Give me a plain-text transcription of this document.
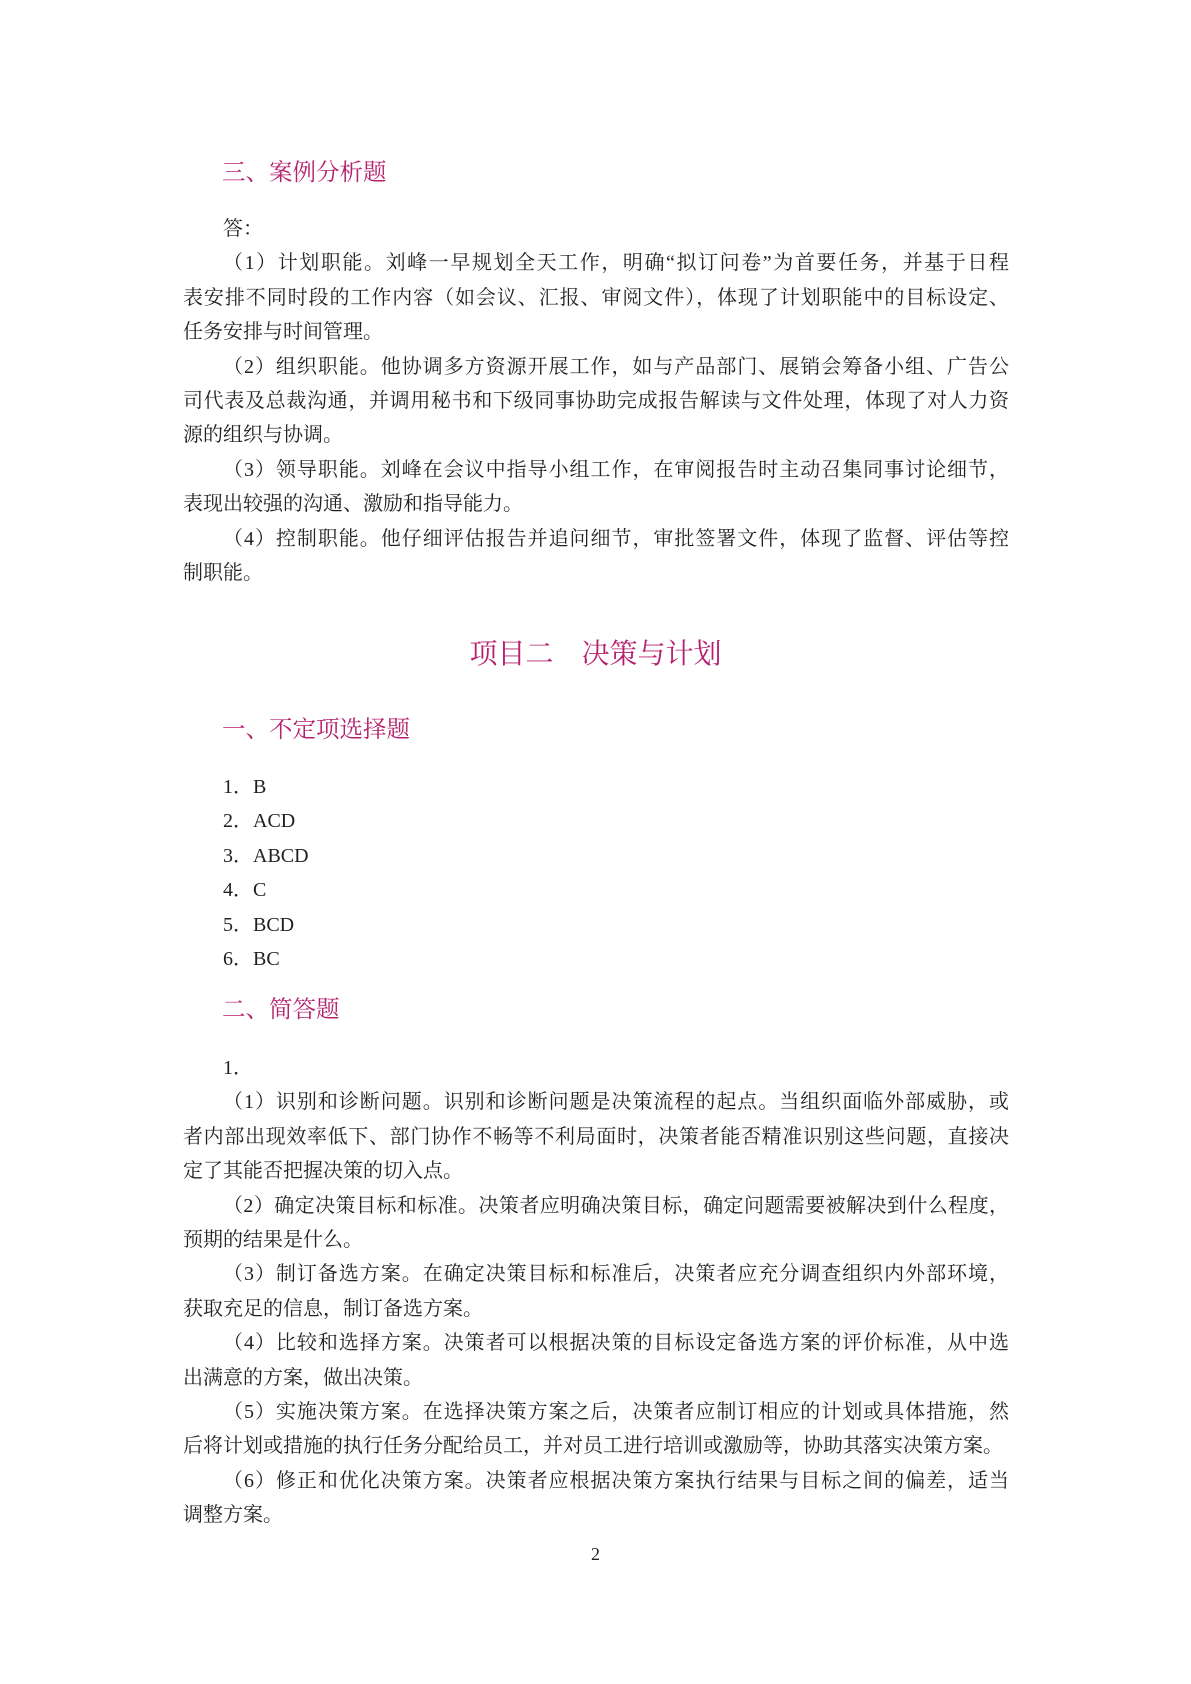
三、案例分析题
答：
（1）计划职能。刘峰一早规划全天工作，明确“拟订问卷”为首要任务，并基于日程
表安排不同时段的工作内容（如会议、汇报、审阅文件），体现了计划职能中的目标设定、
任务安排与时间管理。
（2）组织职能。他协调多方资源开展工作，如与产品部门、展销会筹备小组、广告公
司代表及总裁沟通，并调用秘书和下级同事协助完成报告解读与文件处理，体现了对人力资
源的组织与协调。
（3）领导职能。刘峰在会议中指导小组工作，在审阅报告时主动召集同事讨论细节，
表现出较强的沟通、激励和指导能力。
（4）控制职能。他仔细评估报告并追问细节，审批签署文件，体现了监督、评估等控
制职能。
项目二　决策与计划
一、不定项选择题
1．B
2．ACD
3．ABCD
4．C
5．BCD
6．BC
二、简答题
1．
（1）识别和诊断问题。识别和诊断问题是决策流程的起点。当组织面临外部威胁，或
者内部出现效率低下、部门协作不畅等不利局面时，决策者能否精准识别这些问题，直接决
定了其能否把握决策的切入点。
（2）确定决策目标和标准。决策者应明确决策目标，确定问题需要被解决到什么程度，
预期的结果是什么。
（3）制订备选方案。在确定决策目标和标准后，决策者应充分调查组织内外部环境，
获取充足的信息，制订备选方案。
（4）比较和选择方案。决策者可以根据决策的目标设定备选方案的评价标准，从中选
出满意的方案，做出决策。
（5）实施决策方案。在选择决策方案之后，决策者应制订相应的计划或具体措施，然
后将计划或措施的执行任务分配给员工，并对员工进行培训或激励等，协助其落实决策方案。
（6）修正和优化决策方案。决策者应根据决策方案执行结果与目标之间的偏差，适当
调整方案。
2
